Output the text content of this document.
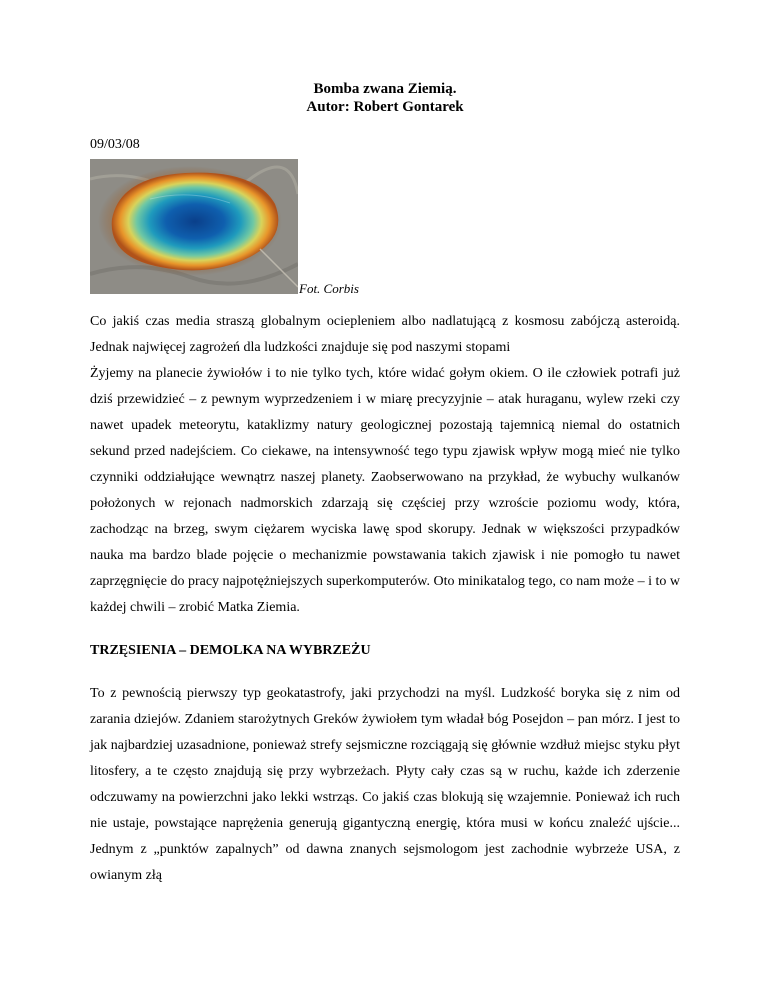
Bomba zwana Ziemią.

Autor: Robert Gontarek

09/03/08
Fot. Corbis

Co jakiś czas media straszą globalnym ociepleniem albo nadlatującą z kosmosu zabójczą asteroidą. Jednak najwięcej zagrożeń dla ludzkości znajduje się pod naszymi stopami

Żyjemy na planecie żywiołów i to nie tylko tych, które widać gołym okiem. O ile człowiek potrafi już dziś przewidzieć – z pewnym wyprzedzeniem i w miarę precyzyjnie – atak huraganu, wylew rzeki czy nawet upadek meteorytu, kataklizmy natury geologicznej pozostają tajemnicą niemal do ostatnich sekund przed nadejściem. Co ciekawe, na intensywność tego typu zjawisk wpływ mogą mieć nie tylko czynniki oddziałujące wewnątrz naszej planety. Zaobserwowano na przykład, że wybuchy wulkanów położonych w rejonach nadmorskich zdarzają się częściej przy wzroście poziomu wody, która, zachodząc na brzeg, swym ciężarem wyciska lawę spod skorupy. Jednak w większości przypadków nauka ma bardzo blade pojęcie o mechanizmie powstawania takich zjawisk i nie pomogło tu nawet zaprzęgnięcie do pracy najpotężniejszych superkomputerów. Oto minikatalog tego, co nam może – i to w każdej chwili – zrobić Matka Ziemia.

TRZĘSIENIA – DEMOLKA NA WYBRZEŻU

To z pewnością pierwszy typ geokatastrofy, jaki przychodzi na myśl. Ludzkość boryka się z nim od zarania dziejów. Zdaniem starożytnych Greków żywiołem tym władał bóg Posejdon – pan mórz. I jest to jak najbardziej uzasadnione, ponieważ strefy sejsmiczne rozciągają się głównie wzdłuż miejsc styku płyt litosfery, a te często znajdują się przy wybrzeżach. Płyty cały czas są w ruchu, każde ich zderzenie odczuwamy na powierzchni jako lekki wstrząs. Co jakiś czas blokują się wzajemnie. Ponieważ ich ruch nie ustaje, powstające naprężenia generują gigantyczną energię, która musi w końcu znaleźć ujście... Jednym z „punktów zapalnych” od dawna znanych sejsmologom jest zachodnie wybrzeże USA, z owianym złą
